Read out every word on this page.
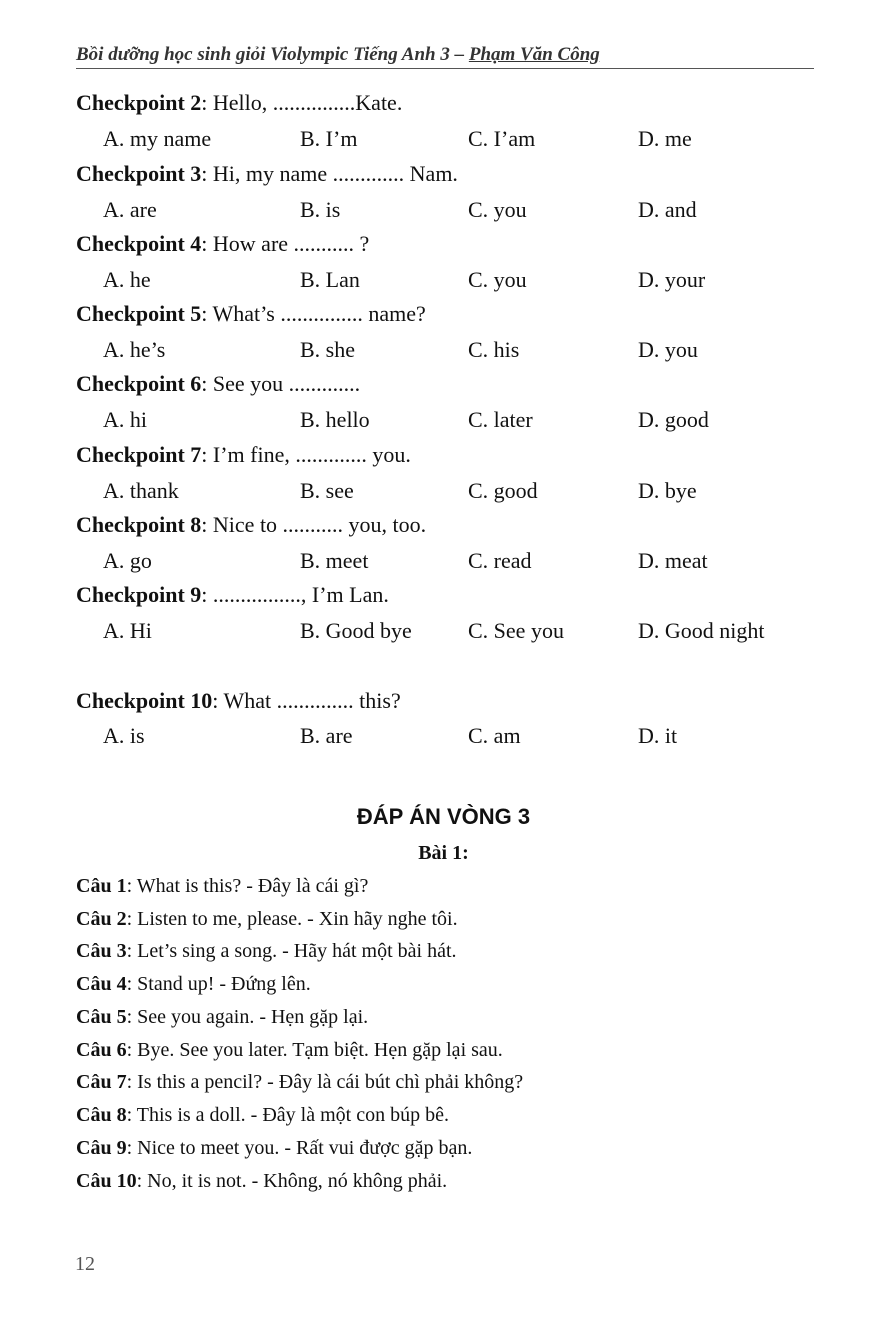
Bồi dưỡng học sinh giỏi Violympic Tiếng Anh 3 – Phạm Văn Công
Checkpoint 2: Hello, ...............Kate.
A. my name	B. I’m	C. I’am	D. me
Checkpoint 3: Hi, my name ............. Nam.
A. are	B. is	C. you	D. and
Checkpoint 4: How are ........... ?
A. he	B. Lan	C. you	D. your
Checkpoint 5: What’s ............... name?
A. he’s	B. she	C. his	D. you
Checkpoint 6: See you .............
A. hi	B. hello	C. later	D. good
Checkpoint 7: I’m fine, ............. you.
A. thank	B. see	C. good	D. bye
Checkpoint 8: Nice to ........... you, too.
A. go	B. meet	C. read	D. meat
Checkpoint 9: ................, I’m Lan.
A. Hi	B. Good bye	C. See you	D. Good night
Checkpoint 10: What .............. this?
A. is	B. are	C. am	D. it
ĐÁP ÁN VÒNG 3
Bài 1:
Câu 1: What is this? - Đây là cái gì?
Câu 2: Listen to me, please. - Xin hãy nghe tôi.
Câu 3: Let’s sing a song. - Hãy hát một bài hát.
Câu 4: Stand up! - Đứng lên.
Câu 5: See you again. - Hẹn gặp lại.
Câu 6: Bye. See you later. Tạm biệt. Hẹn gặp lại sau.
Câu 7: Is this a pencil? - Đây là cái bút chì phải không?
Câu 8: This is a doll. - Đây là một con búp bê.
Câu 9: Nice to meet you. - Rất vui được gặp bạn.
Câu 10: No, it is not. - Không, nó không phải.
12
